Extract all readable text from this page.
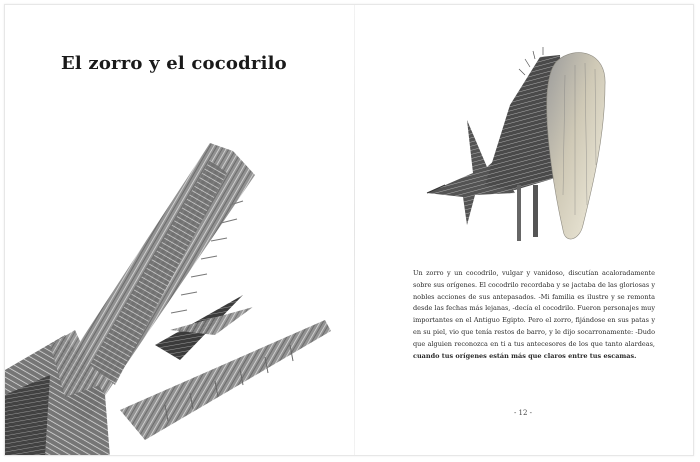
El zorro y el cocodrilo

Un zorro y un cocodrilo, vulgar y vanidoso, discutían acaloradamente sobre sus orígenes. El cocodrilo recordaba y se jactaba de las gloriosas y nobles acciones de sus antepasados. -Mi familia es ilustre y se remonta desde las fechas más lejanas, -decía el cocodrilo. Fueron personajes muy importantes en el Antiguo Egipto. Pero el zorro, fijándose en sus patas y en su piel, vio que tenía restos de barro, y le dijo socarronamente: -Dudo que alguien reconozca en ti a tus antecesores de los que tanto alardeas, cuando tus orígenes están más que claros entre tus escamas.

- 12 -
